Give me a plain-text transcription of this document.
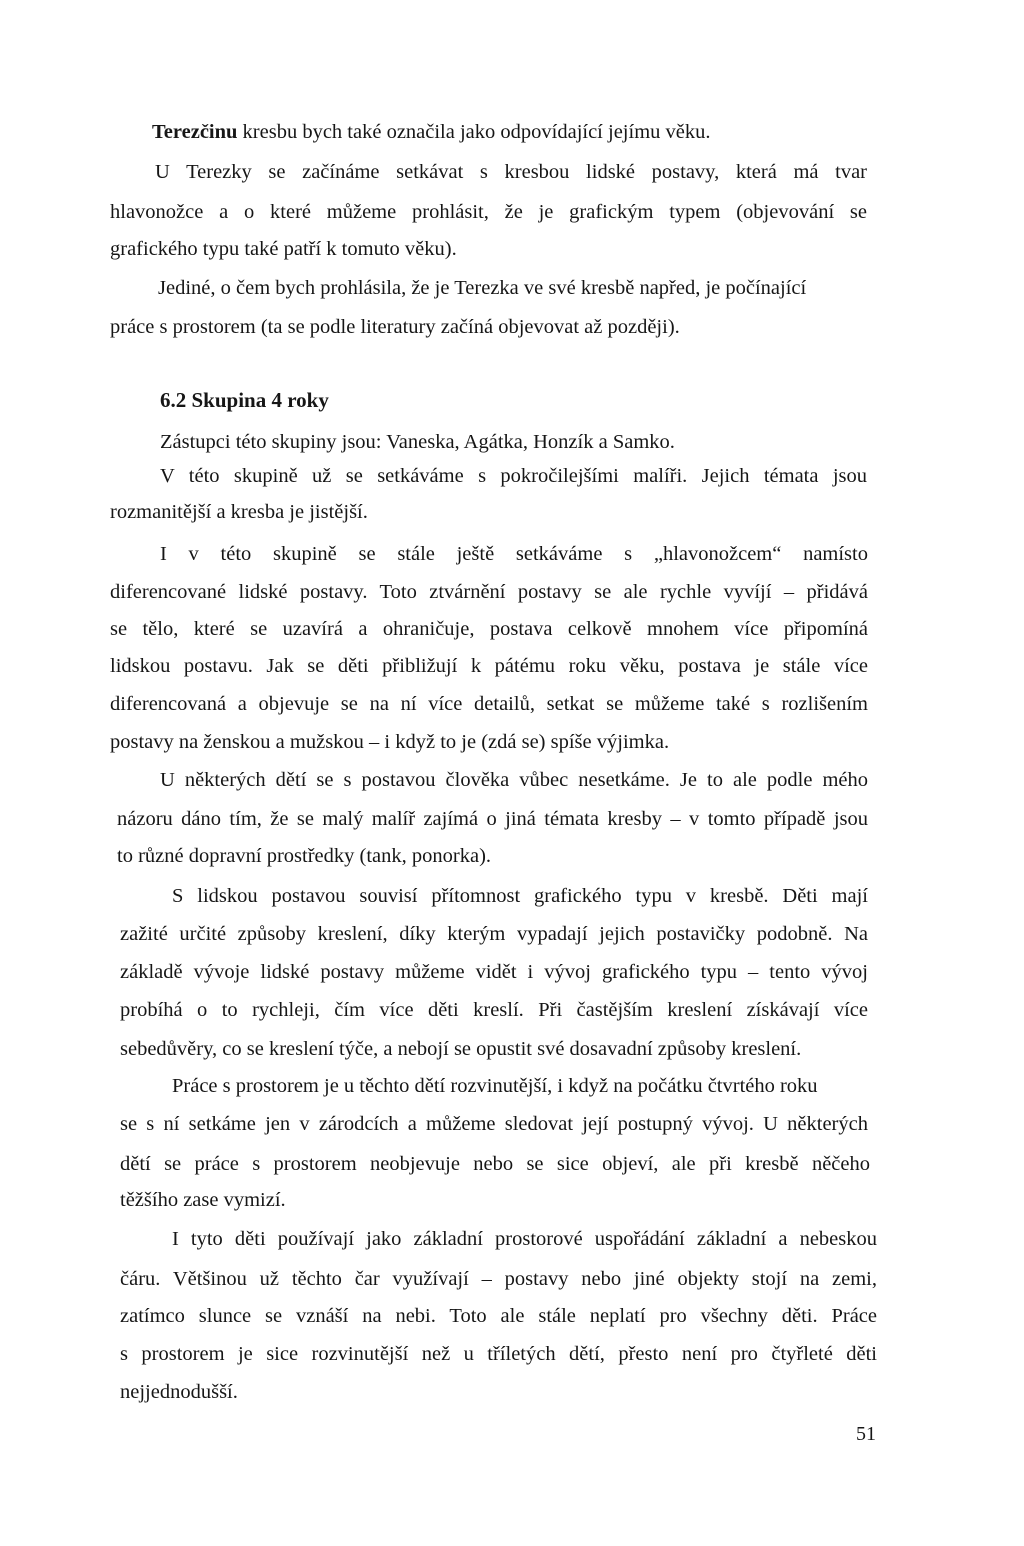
Terezčinu kresbu bych také označila jako odpovídající jejímu věku.

U Terezky se začínáme setkávat s kresbou lidské postavy, která má tvar

hlavonožce a o které můžeme prohlásit, že je grafickým typem (objevování se

grafického typu také patří k tomuto věku).

Jediné, o čem bych prohlásila, že je Terezka ve své kresbě napřed, je počínající

práce s prostorem (ta se podle literatury začíná objevovat až později).

6.2 Skupina 4 roky

Zástupci této skupiny jsou: Vaneska, Agátka, Honzík a Samko.

V této skupině už se setkáváme s pokročilejšími malíři. Jejich témata jsou

rozmanitější a kresba je jistější.

I v této skupině se stále ještě setkáváme s „hlavonožcem“ namísto

diferencované lidské postavy. Toto ztvárnění postavy se ale rychle vyvíjí – přidává

se tělo, které se uzavírá a ohraničuje, postava celkově mnohem více připomíná

lidskou postavu. Jak se děti přibližují k pátému roku věku, postava je stále více

diferencovaná a objevuje se na ní více detailů, setkat se můžeme také s rozlišením

postavy na ženskou a mužskou – i když to je (zdá se) spíše výjimka.

U některých dětí se s postavou člověka vůbec nesetkáme. Je to ale podle mého

názoru dáno tím, že se malý malíř zajímá o jiná témata kresby – v tomto případě jsou

to různé dopravní prostředky (tank, ponorka).

S lidskou postavou souvisí přítomnost grafického typu v kresbě. Děti mají

zažité určité způsoby kreslení, díky kterým vypadají jejich postavičky podobně. Na

základě vývoje lidské postavy můžeme vidět i vývoj grafického typu – tento vývoj

probíhá o to rychleji, čím více děti kreslí. Při častějším kreslení získávají více

sebedůvěry, co se kreslení týče, a nebojí se opustit své dosavadní způsoby kreslení.

Práce s prostorem je u těchto dětí rozvinutější, i když na počátku čtvrtého roku

se s ní setkáme jen v zárodcích a můžeme sledovat její postupný vývoj. U některých

dětí se práce s prostorem neobjevuje nebo se sice objeví, ale při kresbě něčeho

těžšího zase vymizí.

I tyto děti používají jako základní prostorové uspořádání základní a nebeskou

čáru. Většinou už těchto čar využívají – postavy nebo jiné objekty stojí na zemi,

zatímco slunce se vznáší na nebi. Toto ale stále neplatí pro všechny děti. Práce

s prostorem je sice rozvinutější než u tříletých dětí, přesto není pro čtyřleté děti

nejjednodušší.

51
